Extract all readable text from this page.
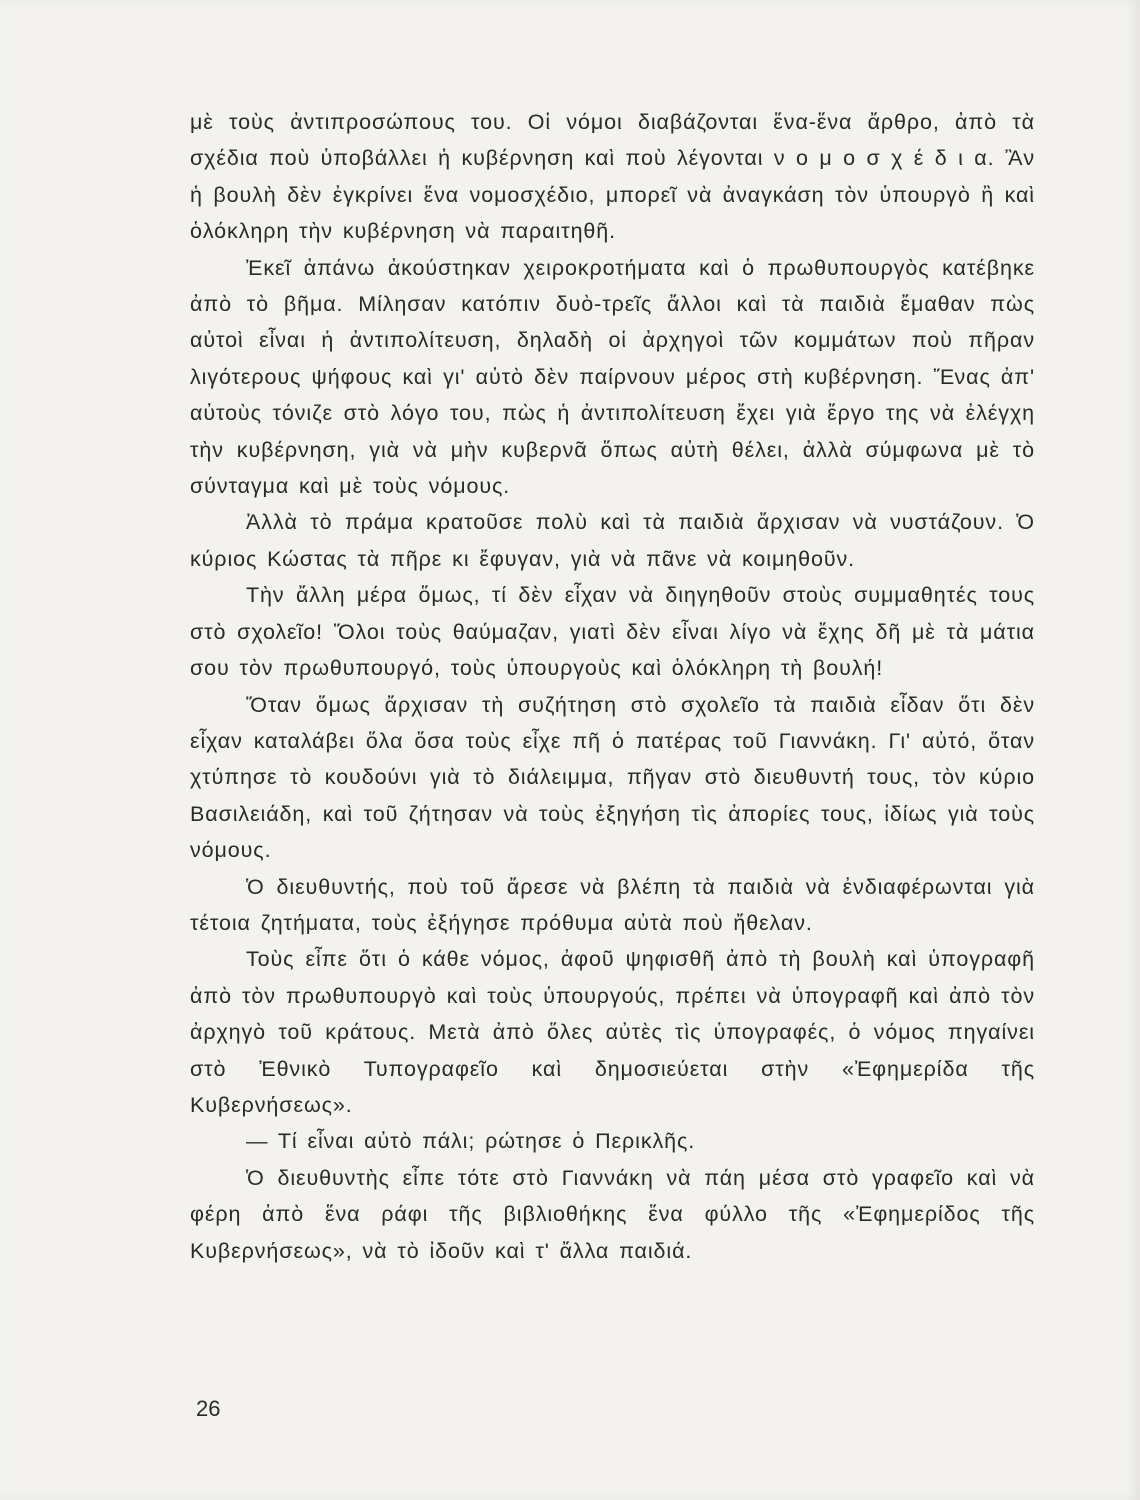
μὲ τοὺς ἀντιπροσώπους του. Οἱ νόμοι διαβάζονται ἕνα-ἕνα ἄρθρο, ἀπὸ τὰ σχέδια ποὺ ὑποβάλλει ἡ κυβέρνηση καὶ ποὺ λέγονται ν ο μ ο σ χ έ δ ι α. Ἂν ἡ βουλὴ δὲν ἐγκρίνει ἕνα νομοσχέδιο, μπορεῖ νὰ ἀναγκάση τὸν ὑπουργὸ ἢ καὶ ὁλόκληρη τὴν κυβέρνηση νὰ παραιτηθῆ.

Ἐκεῖ ἀπάνω ἀκούστηκαν χειροκροτήματα καὶ ὁ πρωθυπουργὸς κατέβηκε ἀπὸ τὸ βῆμα. Μίλησαν κατόπιν δυὸ-τρεῖς ἄλλοι καὶ τὰ παιδιὰ ἔμαθαν πὼς αὐτοὶ εἶναι ἡ ἀντιπολίτευση, δηλαδὴ οἱ ἀρχηγοὶ τῶν κομμάτων ποὺ πῆραν λιγότερους ψήφους καὶ γι' αὐτὸ δὲν παίρνουν μέρος στὴ κυβέρνηση. Ἕνας ἀπ' αὐτοὺς τόνιζε στὸ λόγο του, πὼς ἡ ἀντιπολίτευση ἔχει γιὰ ἔργο της νὰ ἐλέγχη τὴν κυβέρνηση, γιὰ νὰ μὴν κυβερνᾶ ὅπως αὐτὴ θέλει, ἀλλὰ σύμφωνα μὲ τὸ σύνταγμα καὶ μὲ τοὺς νόμους.

Ἀλλὰ τὸ πράμα κρατοῦσε πολὺ καὶ τὰ παιδιὰ ἄρχισαν νὰ νυστάζουν. Ὁ κύριος Κώστας τὰ πῆρε κι ἔφυγαν, γιὰ νὰ πᾶνε νὰ κοιμηθοῦν.

Τὴν ἄλλη μέρα ὅμως, τί δὲν εἶχαν νὰ διηγηθοῦν στοὺς συμμαθητές τους στὸ σχολεῖο! Ὅλοι τοὺς θαύμαζαν, γιατὶ δὲν εἶναι λίγο νὰ ἔχης δῆ μὲ τὰ μάτια σου τὸν πρωθυπουργό, τοὺς ὑπουργοὺς καὶ ὁλόκληρη τὴ βουλή!

Ὅταν ὅμως ἄρχισαν τὴ συζήτηση στὸ σχολεῖο τὰ παιδιὰ εἶδαν ὅτι δὲν εἶχαν καταλάβει ὅλα ὅσα τοὺς εἶχε πῆ ὁ πατέρας τοῦ Γιαννάκη. Γι' αὐτό, ὅταν χτύπησε τὸ κουδούνι γιὰ τὸ διάλειμμα, πῆγαν στὸ διευθυντή τους, τὸν κύριο Βασιλειάδη, καὶ τοῦ ζήτησαν νὰ τοὺς ἐξηγήση τὶς ἀπορίες τους, ἰδίως γιὰ τοὺς νόμους.

Ὁ διευθυντής, ποὺ τοῦ ἄρεσε νὰ βλέπη τὰ παιδιὰ νὰ ἐνδιαφέρωνται γιὰ τέτοια ζητήματα, τοὺς ἐξήγησε πρόθυμα αὐτὰ ποὺ ἤθελαν.

Τοὺς εἶπε ὅτι ὁ κάθε νόμος, ἀφοῦ ψηφισθῆ ἀπὸ τὴ βουλὴ καὶ ὑπογραφῆ ἀπὸ τὸν πρωθυπουργὸ καὶ τοὺς ὑπουργούς, πρέπει νὰ ὑπογραφῆ καὶ ἀπὸ τὸν ἀρχηγὸ τοῦ κράτους. Μετὰ ἀπὸ ὅλες αὐτὲς τὶς ὑπογραφές, ὁ νόμος πηγαίνει στὸ Ἐθνικὸ Τυπογραφεῖο καὶ δημοσιεύεται στὴν «Ἐφημερίδα τῆς Κυβερνήσεως».

— Τί εἶναι αὐτὸ πάλι; ρώτησε ὁ Περικλῆς.

Ὁ διευθυντὴς εἶπε τότε στὸ Γιαννάκη νὰ πάη μέσα στὸ γραφεῖο καὶ νὰ φέρη ἀπὸ ἕνα ράφι τῆς βιβλιοθήκης ἕνα φύλλο τῆς «Ἐφημερίδος τῆς Κυβερνήσεως», νὰ τὸ ἰδοῦν καὶ τ' ἄλλα παιδιά.

26
